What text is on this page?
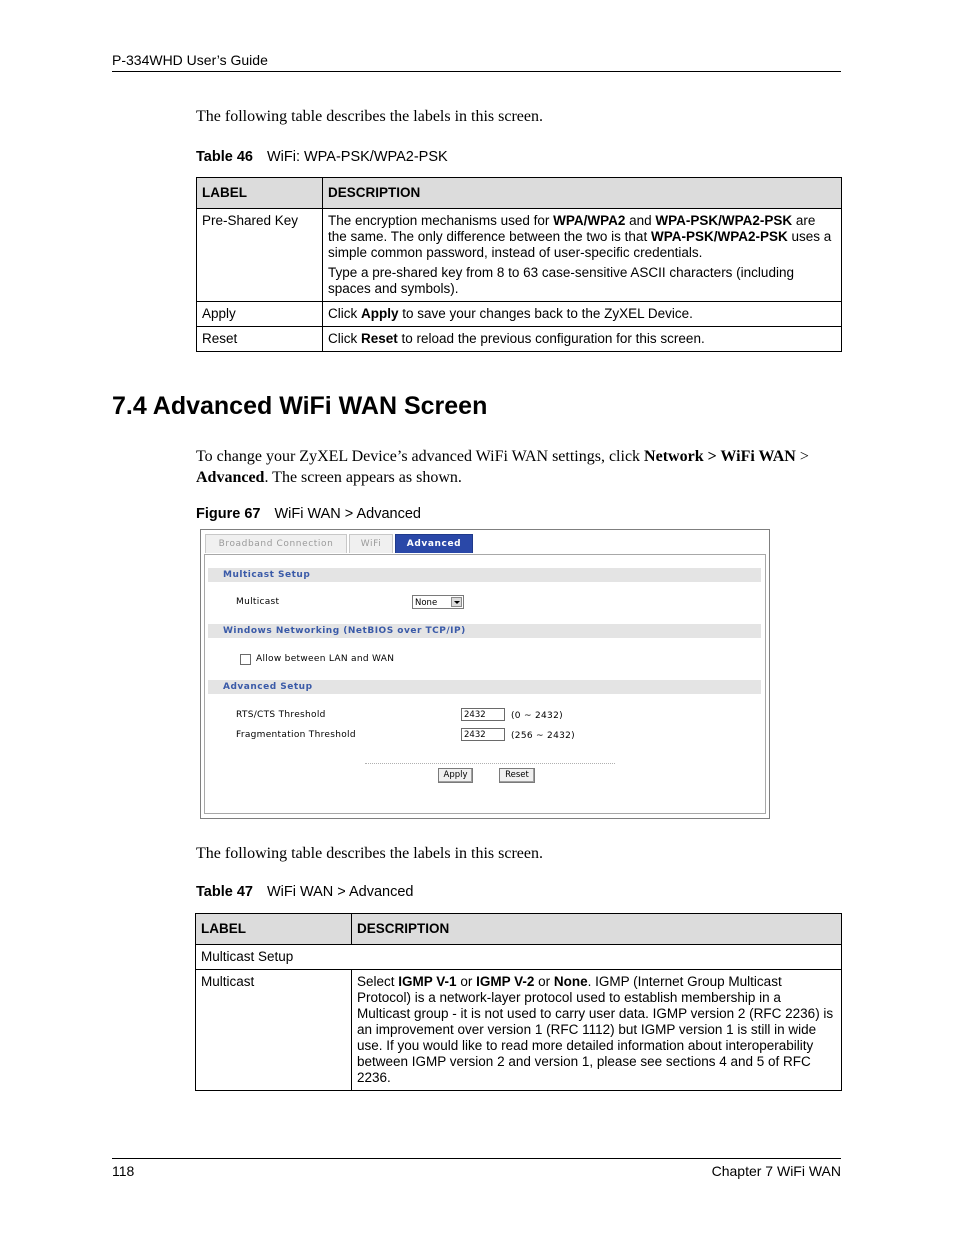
P-334WHD User’s Guide
The following table describes the labels in this screen.
Table 46 WiFi: WPA-PSK/WPA2-PSK
LABEL	DESCRIPTION
Pre-Shared Key	The encryption mechanisms used for WPA/WPA2 and WPA-PSK/WPA2-PSK are the same. The only difference between the two is that WPA-PSK/WPA2-PSK uses a simple common password, instead of user-specific credentials.

Type a pre-shared key from 8 to 63 case-sensitive ASCII characters (including spaces and symbols).

Apply	Click Apply to save your changes back to the ZyXEL Device.
Reset	Click Reset to reload the previous configuration for this screen.
7.4 Advanced WiFi WAN Screen
To change your ZyXEL Device’s advanced WiFi WAN settings, click Network > WiFi WAN > Advanced. The screen appears as shown.
Figure 67 WiFi WAN > Advanced
Broadband Connection	WiFi	Advanced
Multicast Setup
Multicast	None
Windows Networking (NetBIOS over TCP/IP)
Allow between LAN and WAN
Advanced Setup
RTS/CTS Threshold	2432	(0 ~ 2432)
Fragmentation Threshold	2432	(256 ~ 2432)
Apply	Reset
The following table describes the labels in this screen.
Table 47 WiFi WAN > Advanced
LABEL	DESCRIPTION
Multicast Setup	
Multicast	Select IGMP V-1 or IGMP V-2 or None. IGMP (Internet Group Multicast Protocol) is a network-layer protocol used to establish membership in a Multicast group - it is not used to carry user data. IGMP version 2 (RFC 2236) is an improvement over version 1 (RFC 1112) but IGMP version 1 is still in wide use. If you would like to read more detailed information about interoperability between IGMP version 2 and version 1, please see sections 4 and 5 of RFC 2236.
118	Chapter 7 WiFi WAN
